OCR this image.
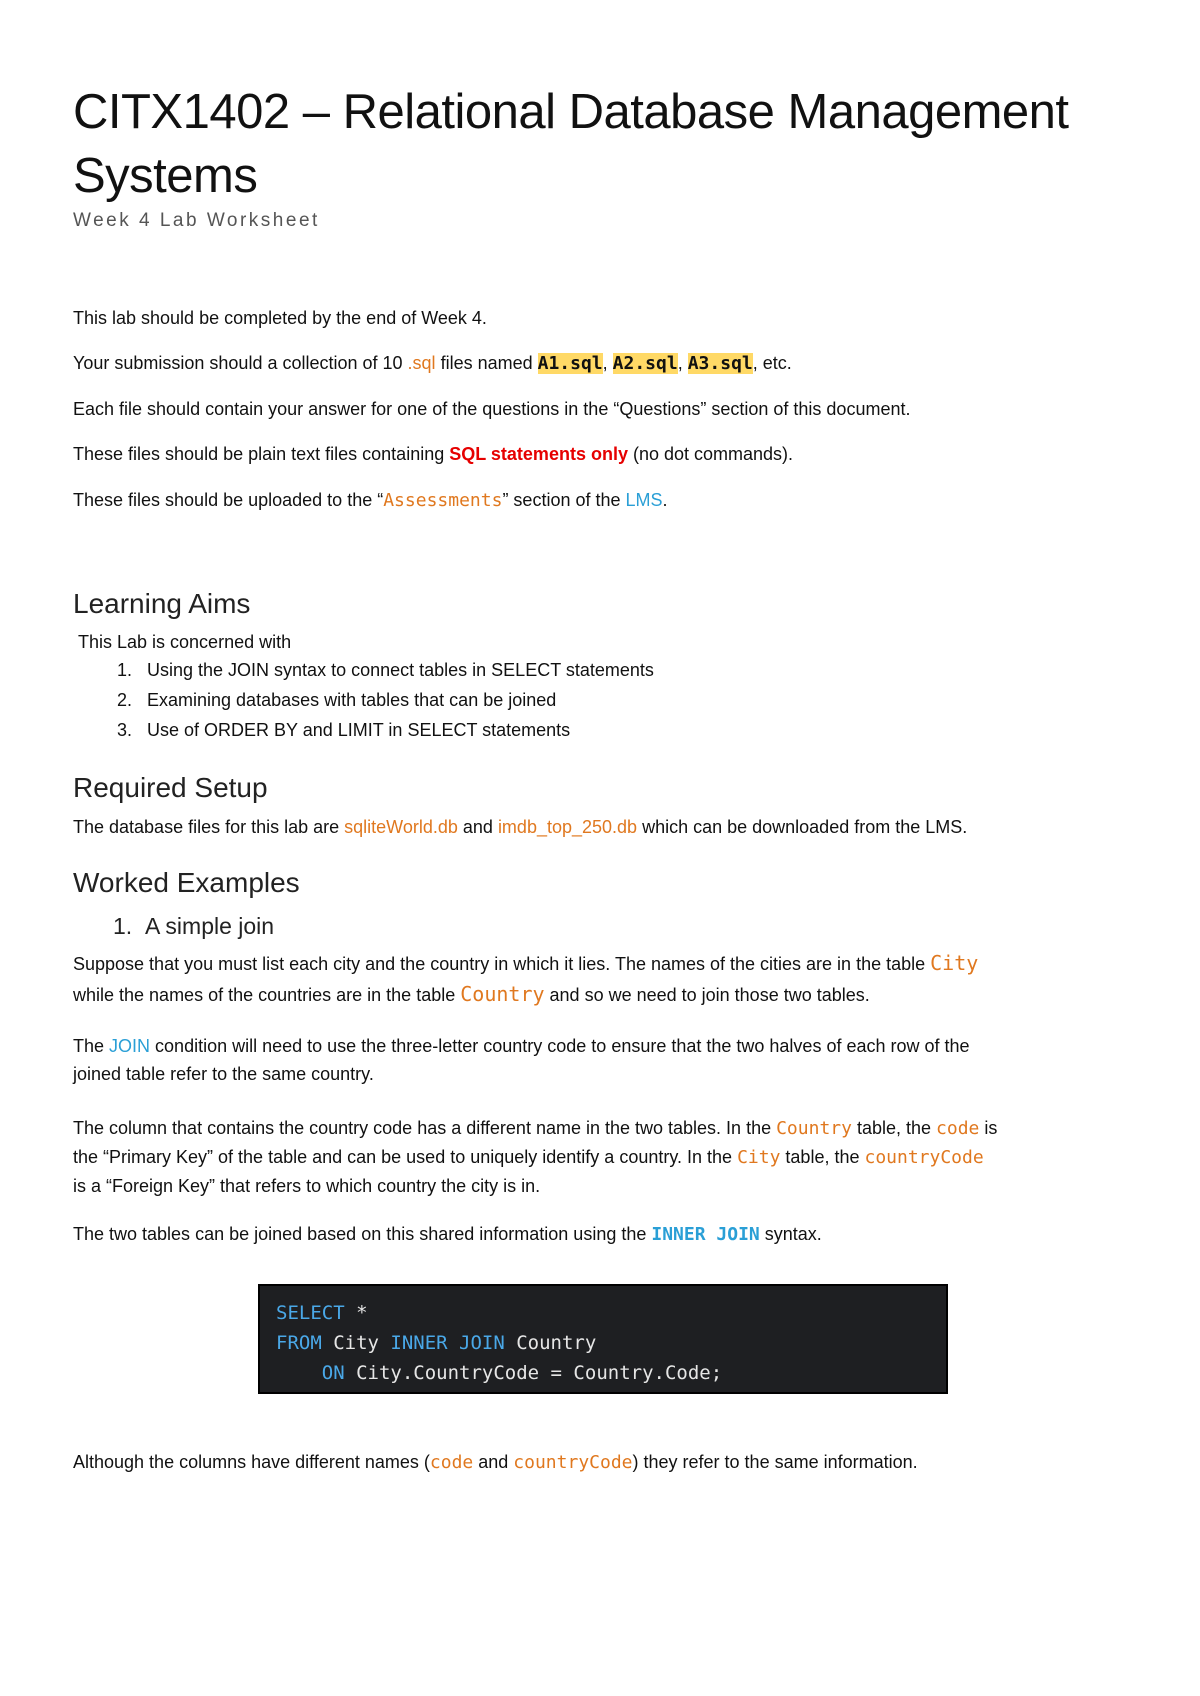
CITX1402 – Relational Database Management Systems
Week 4 Lab Worksheet

This lab should be completed by the end of Week 4.

Your submission should a collection of 10 .sql files named A1.sql, A2.sql, A3.sql, etc.

Each file should contain your answer for one of the questions in the “Questions” section of this document.

These files should be plain text files containing SQL statements only (no dot commands).

These files should be uploaded to the “Assessments” section of the LMS.

Learning Aims

This Lab is concerned with

1. Using the JOIN syntax to connect tables in SELECT statements
2. Examining databases with tables that can be joined
3. Use of ORDER BY and LIMIT in SELECT statements
Required Setup

The database files for this lab are sqliteWorld.db and imdb_top_250.db which can be downloaded from the LMS.

Worked Examples
1. A simple join
Suppose that you must list each city and the country in which it lies. The names of the cities are in the table City
while the names of the countries are in the table Country and so we need to join those two tables.
The JOIN condition will need to use the three-letter country code to ensure that the two halves of each row of the
joined table refer to the same country.
The column that contains the country code has a different name in the two tables. In the Country table, the code is
the “Primary Key” of the table and can be used to uniquely identify a country. In the City table, the countryCode
is a “Foreign Key” that refers to which country the city is in.

The two tables can be joined based on this shared information using the INNER JOIN syntax.

SELECT *
FROM City INNER JOIN Country
ON City.CountryCode = Country.Code;

Although the columns have different names (code and countryCode) they refer to the same information.
